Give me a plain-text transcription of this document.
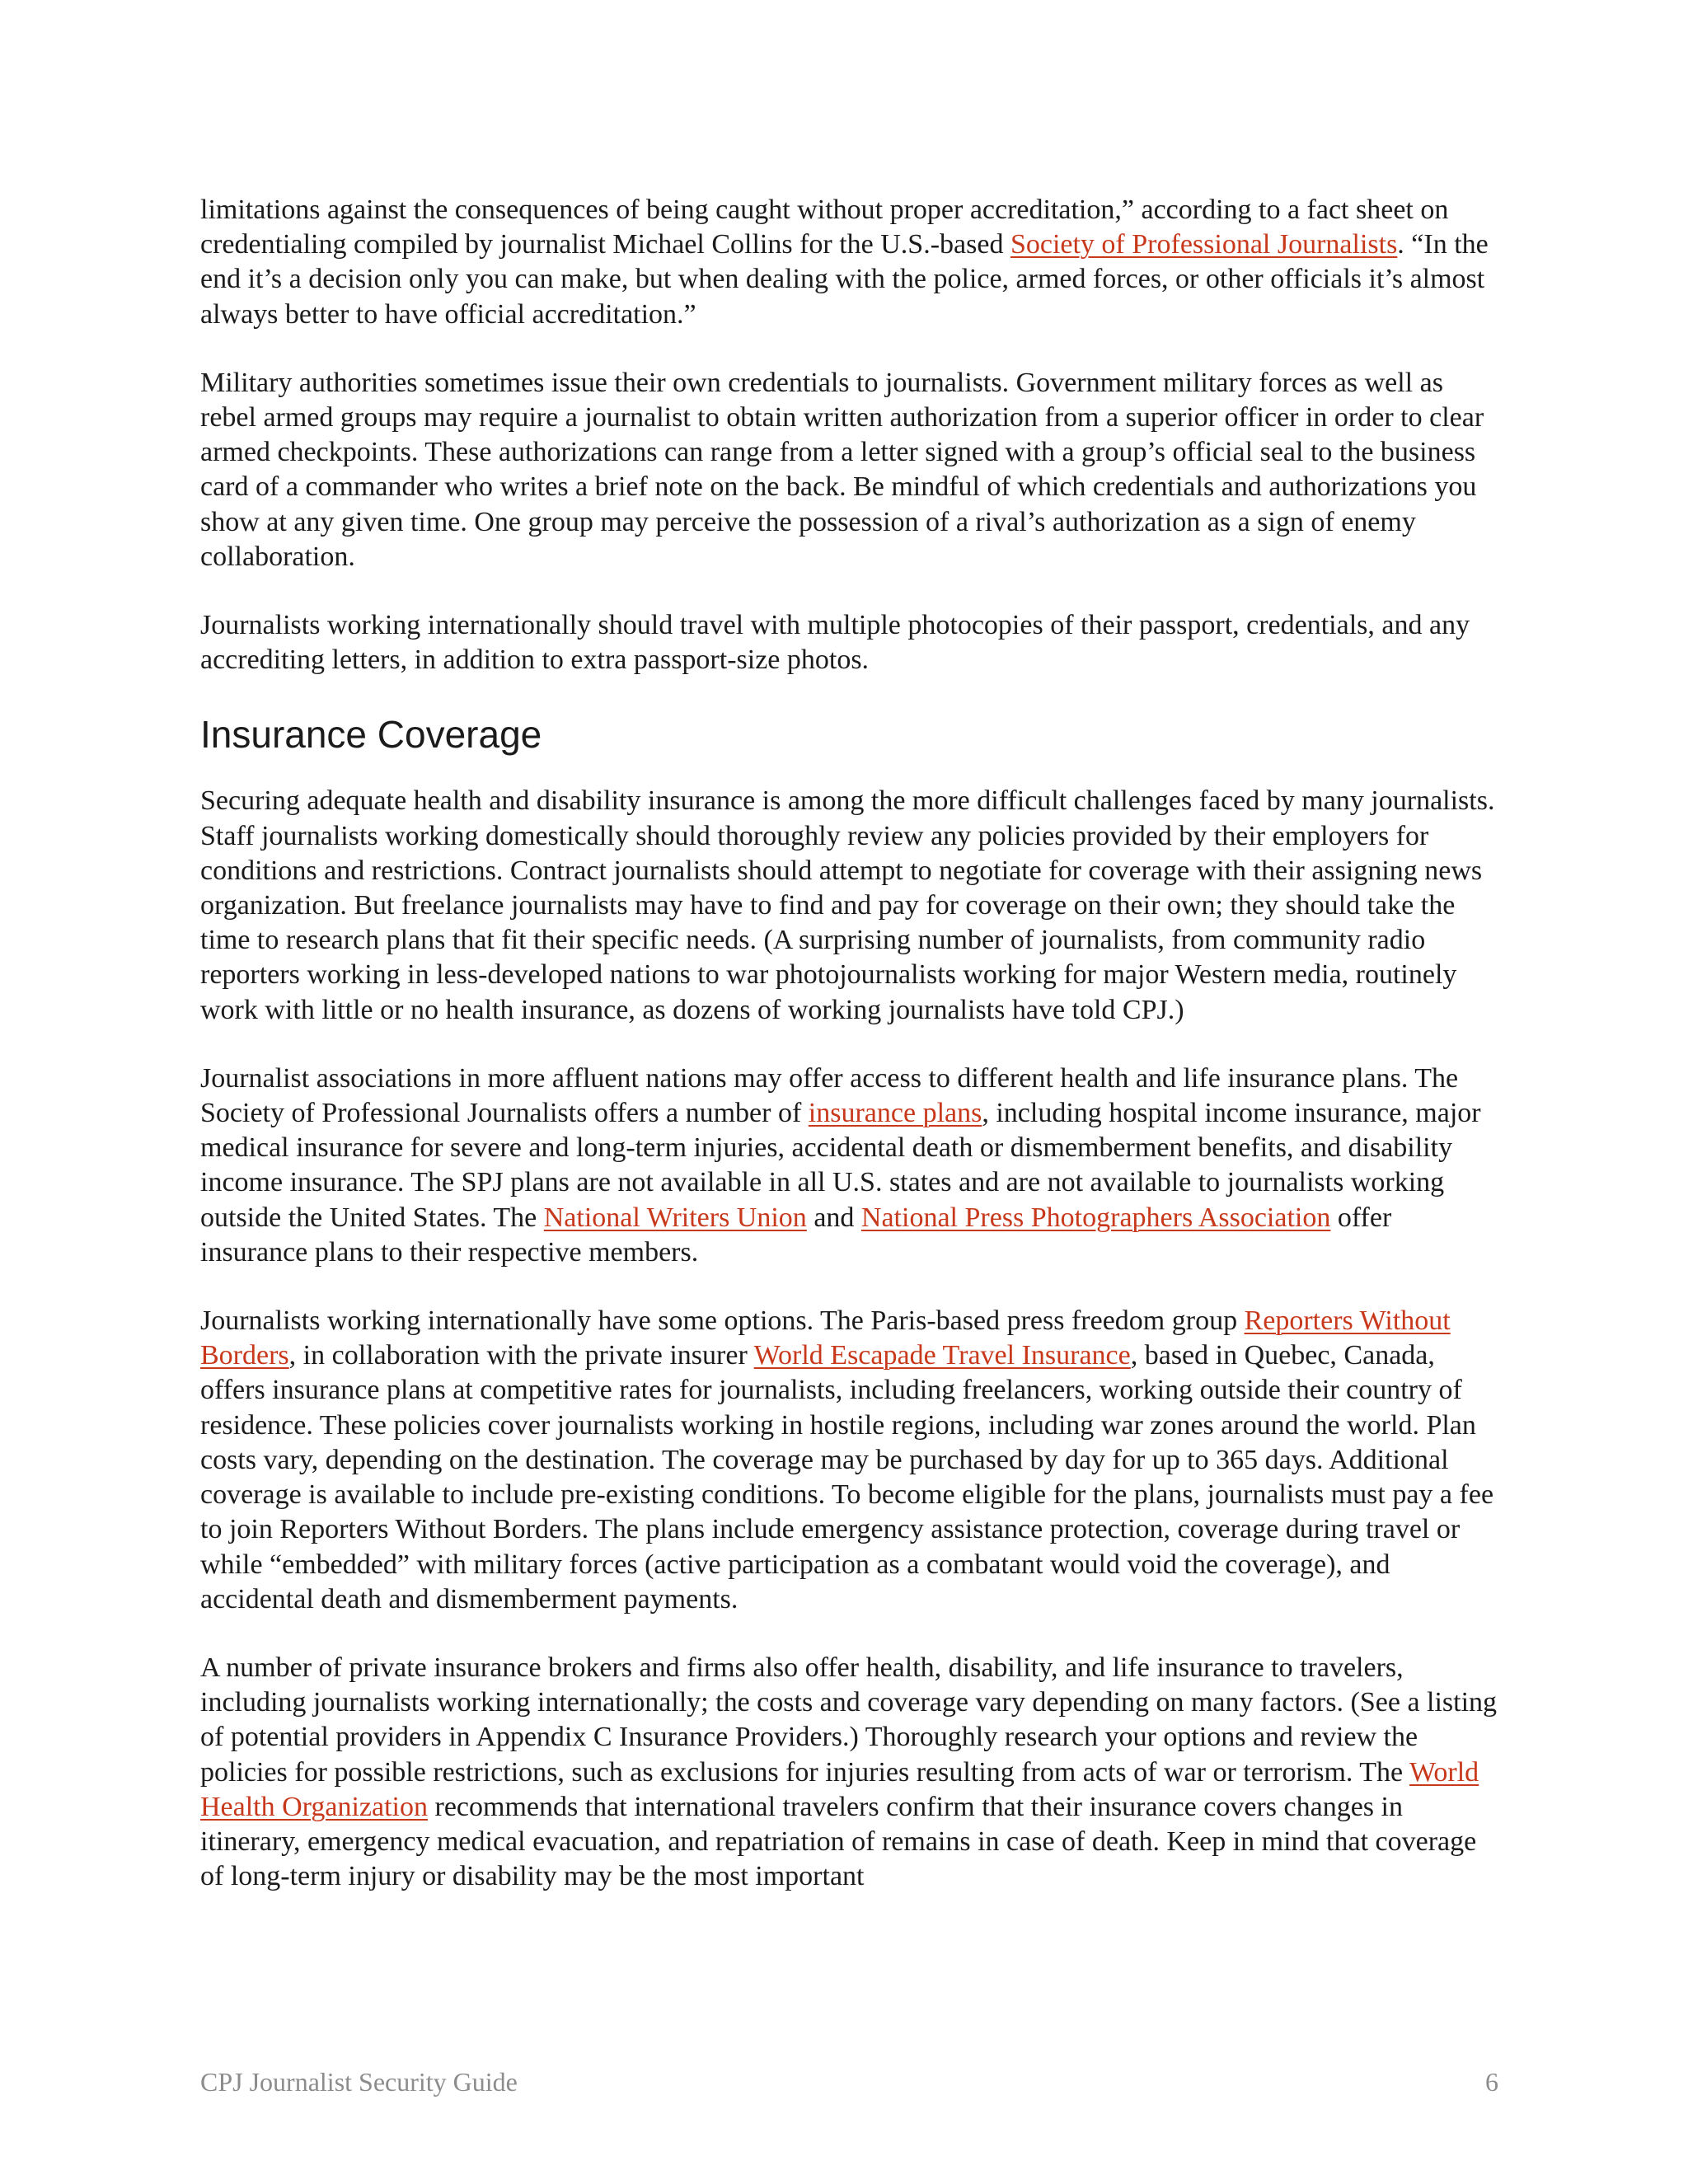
limitations against the consequences of being caught without proper accreditation,” according to a fact sheet on credentialing compiled by journalist Michael Collins for the U.S.-based Society of Professional Journalists. “In the end it’s a decision only you can make, but when dealing with the police, armed forces, or other officials it’s almost always better to have official accreditation.”

Military authorities sometimes issue their own credentials to journalists. Government military forces as well as rebel armed groups may require a journalist to obtain written authorization from a superior officer in order to clear armed checkpoints. These authorizations can range from a letter signed with a group’s official seal to the business card of a commander who writes a brief note on the back. Be mindful of which credentials and authorizations you show at any given time. One group may perceive the possession of a rival’s authorization as a sign of enemy collaboration.

Journalists working internationally should travel with multiple photocopies of their passport, credentials, and any accrediting letters, in addition to extra passport-size photos.

Insurance Coverage

Securing adequate health and disability insurance is among the more difficult challenges faced by many journalists. Staff journalists working domestically should thoroughly review any policies provided by their employers for conditions and restrictions. Contract journalists should attempt to negotiate for coverage with their assigning news organization. But freelance journalists may have to find and pay for coverage on their own; they should take the time to research plans that fit their specific needs. (A surprising number of journalists, from community radio reporters working in less-developed nations to war photojournalists working for major Western media, routinely work with little or no health insurance, as dozens of working journalists have told CPJ.)

Journalist associations in more affluent nations may offer access to different health and life insurance plans. The Society of Professional Journalists offers a number of insurance plans, including hospital income insurance, major medical insurance for severe and long-term injuries, accidental death or dismemberment benefits, and disability income insurance. The SPJ plans are not available in all U.S. states and are not available to journalists working outside the United States. The National Writers Union and National Press Photographers Association offer insurance plans to their respective members.

Journalists working internationally have some options. The Paris-based press freedom group Reporters Without Borders, in collaboration with the private insurer World Escapade Travel Insurance, based in Quebec, Canada, offers insurance plans at competitive rates for journalists, including freelancers, working outside their country of residence. These policies cover journalists working in hostile regions, including war zones around the world. Plan costs vary, depending on the destination. The coverage may be purchased by day for up to 365 days. Additional coverage is available to include pre-existing conditions. To become eligible for the plans, journalists must pay a fee to join Reporters Without Borders. The plans include emergency assistance protection, coverage during travel or while “embedded” with military forces (active participation as a combatant would void the coverage), and accidental death and dismemberment payments.

A number of private insurance brokers and firms also offer health, disability, and life insurance to travelers, including journalists working internationally; the costs and coverage vary depending on many factors. (See a listing of potential providers in Appendix C Insurance Providers.) Thoroughly research your options and review the policies for possible restrictions, such as exclusions for injuries resulting from acts of war or terrorism. The World Health Organization recommends that international travelers confirm that their insurance covers changes in itinerary, emergency medical evacuation, and repatriation of remains in case of death. Keep in mind that coverage of long-term injury or disability may be the most important

CPJ Journalist Security Guide	6
